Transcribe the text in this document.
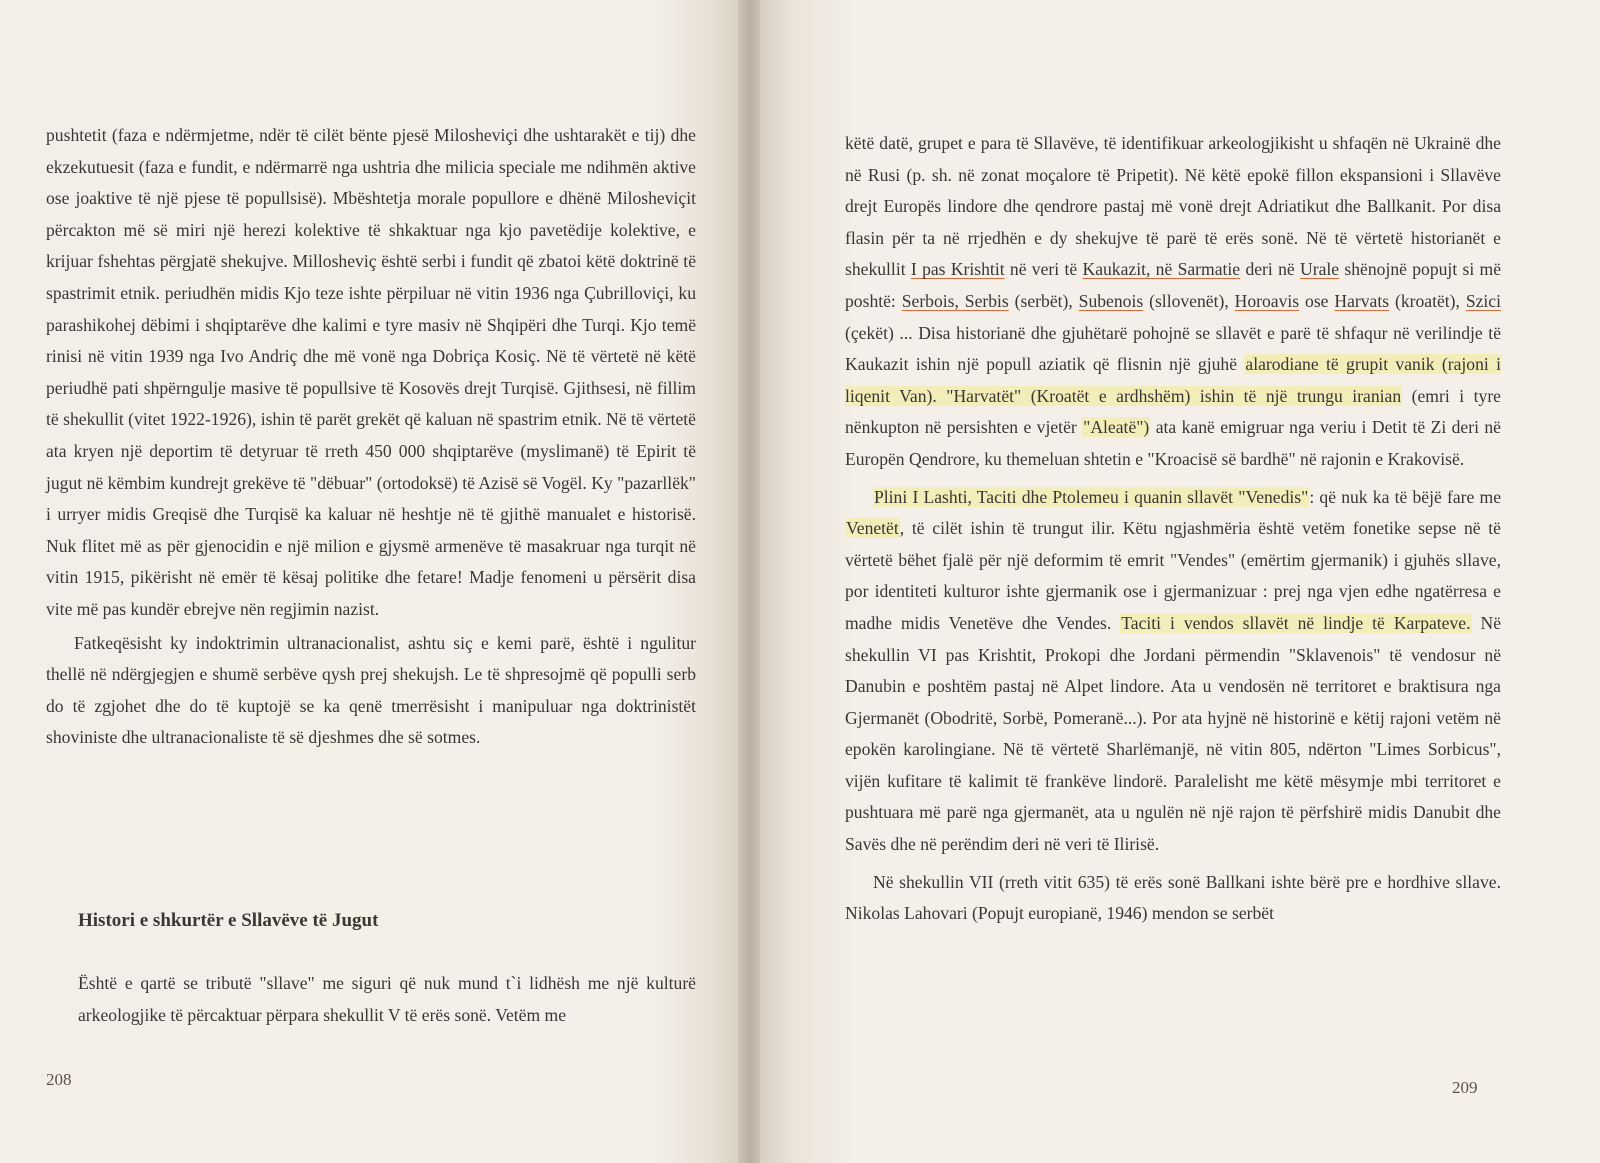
pushtetit (faza e ndërmjetme, ndër të cilët bënte pjesë Milosheviçi dhe ushtarakët e tij) dhe ekzekutuesit (faza e fundit, e ndërmarrë nga ushtria dhe milicia speciale me ndihmën aktive ose joaktive të një pjese të popullsisë). Mbështetja morale popullore e dhënë Milosheviçit përcakton më së miri një herezi kolektive të shkaktuar nga kjo pavetëdije kolektive, e krijuar fshehtas përgjatë shekujve. Millosheviç është serbi i fundit që zbatoi këtë doktrinë të spastrimit etnik. periudhën midis Kjo teze ishte përpiluar në vitin 1936 nga Çubrilloviçi, ku parashikohej dëbimi i shqiptarëve dhe kalimi e tyre masiv në Shqipëri dhe Turqi. Kjo temë rinisi në vitin 1939 nga Ivo Andriç dhe më vonë nga Dobriça Kosiç. Në të vërtetë në këtë periudhë pati shpërngulje masive të popullsive të Kosovës drejt Turqisë. Gjithsesi, në fillim të shekullit (vitet 1922-1926), ishin të parët grekët që kaluan në spastrim etnik. Në të vërtetë ata kryen një deportim të detyruar të rreth 450 000 shqiptarëve (myslimanë) të Epirit të jugut në këmbim kundrejt grekëve të "dëbuar" (ortodoksë) të Azisë së Vogël. Ky "pazarllëk" i urryer midis Greqisë dhe Turqisë ka kaluar në heshtje në të gjithë manualet e historisë. Nuk flitet më as për gjenocidin e një milion e gjysmë armenëve të masakruar nga turqit në vitin 1915, pikërisht në emër të kësaj politike dhe fetare! Madje fenomeni u përsërit disa vite më pas kundër ebrejve nën regjimin nazist.

Fatkeqësisht ky indoktrimin ultranacionalist, ashtu siç e kemi parë, është i ngulitur thellë në ndërgjegjen e shumë serbëve qysh prej shekujsh. Le të shpresojmë që populli serb do të zgjohet dhe do të kuptojë se ka qenë tmerrësisht i manipuluar nga doktrinistët shoviniste dhe ultranacionaliste të së djeshmes dhe së sotmes.

Histori e shkurtër e Sllavëve të Jugut

Është e qartë se tributë "sllave" me siguri që nuk mund t`i lidhësh me një kulturë arkeologjike të përcaktuar përpara shekullit V të erës sonë. Vetëm me

208

këtë datë, grupet e para të Sllavëve, të identifikuar arkeologjikisht u shfaqën në Ukrainë dhe në Rusi (p. sh. në zonat moçalore të Pripetit). Në këtë epokë fillon ekspansioni i Sllavëve drejt Europës lindore dhe qendrore pastaj më vonë drejt Adriatikut dhe Ballkanit. Por disa flasin për ta në rrjedhën e dy shekujve të parë të erës sonë. Në të vërtetë historianët e shekullit I pas Krishtit në veri të Kaukazit, në Sarmatie deri në Urale shënojnë popujt si më poshtë: Serbois, Serbis (serbët), Subenois (sllovenët), Horoavis ose Harvats (kroatët), Szici (çekët) ... Disa historianë dhe gjuhëtarë pohojnë se sllavët e parë të shfaqur në verilindje të Kaukazit ishin një popull aziatik që flisnin një gjuhë alarodiane të grupit vanik (rajoni i liqenit Van). "Harvatët" (Kroatët e ardhshëm) ishin të një trungu iranian (emri i tyre nënkupton në persishten e vjetër "Aleatë") ata kanë emigruar nga veriu i Detit të Zi deri në Europën Qendrore, ku themeluan shtetin e "Kroacisë së bardhë" në rajonin e Krakovisë.

Plini I Lashti, Taciti dhe Ptolemeu i quanin sllavët "Venedis": që nuk ka të bëjë fare me Venetët, të cilët ishin të trungut ilir. Këtu ngjashmëria është vetëm fonetike sepse në të vërtetë bëhet fjalë për një deformim të emrit "Vendes" (emërtim gjermanik) i gjuhës sllave, por identiteti kulturor ishte gjermanik ose i gjermanizuar : prej nga vjen edhe ngatërresa e madhe midis Venetëve dhe Vendes. Taciti i vendos sllavët në lindje të Karpateve. Në shekullin VI pas Krishtit, Prokopi dhe Jordani përmendin "Sklavenois" të vendosur në Danubin e poshtëm pastaj në Alpet lindore. Ata u vendosën në territoret e braktisura nga Gjermanët (Obodritë, Sorbë, Pomeranë...). Por ata hyjnë në historinë e këtij rajoni vetëm në epokën karolingiane. Në të vërtetë Sharlëmanjë, në vitin 805, ndërton "Limes Sorbicus", vijën kufitare të kalimit të frankëve lindorë. Paralelisht me këtë mësymje mbi territoret e pushtuara më parë nga gjermanët, ata u ngulën në një rajon të përfshirë midis Danubit dhe Savës dhe në perëndim deri në veri të Ilirisë.

Në shekullin VII (rreth vitit 635) të erës sonë Ballkani ishte bërë pre e hordhive sllave. Nikolas Lahovari (Popujt europianë, 1946) mendon se serbët

209
